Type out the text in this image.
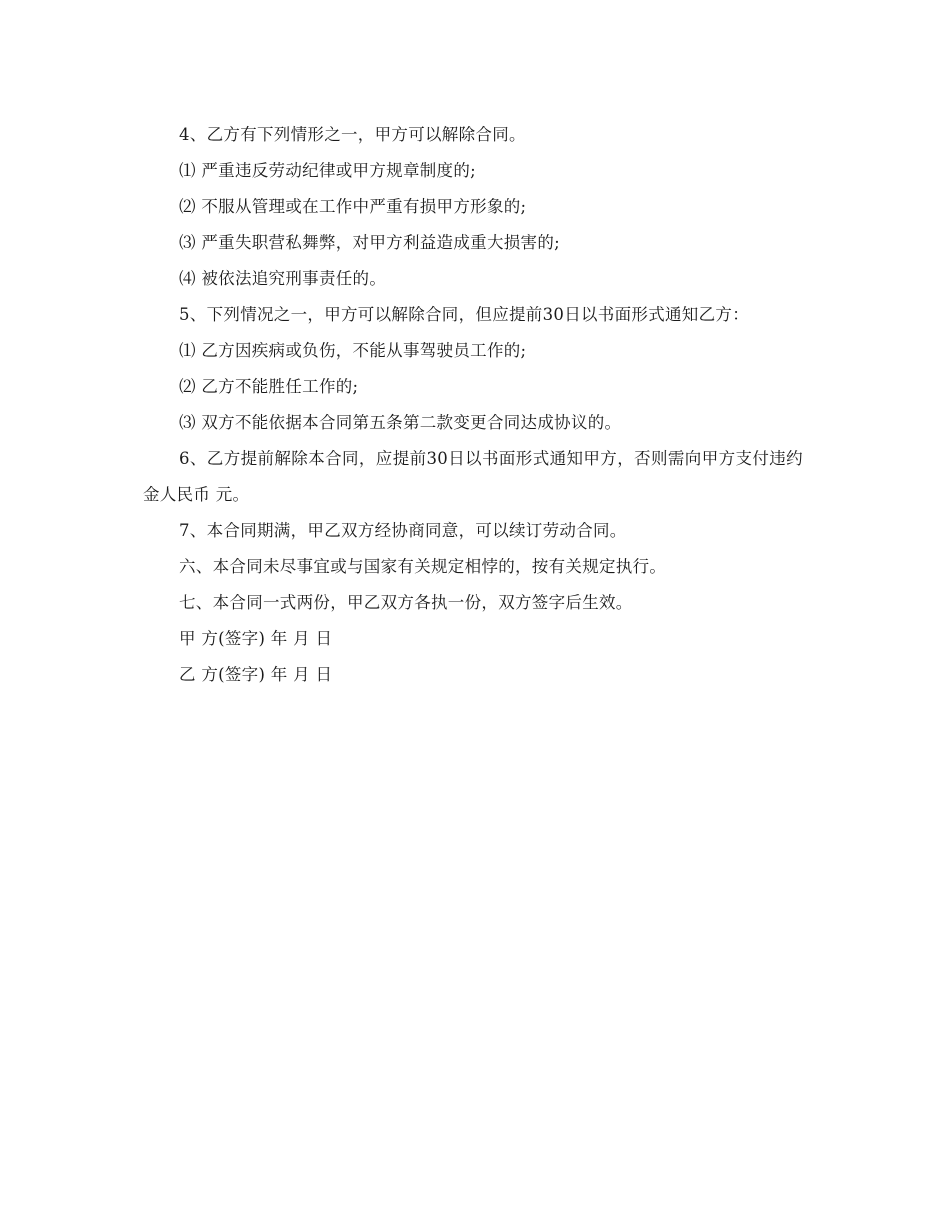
4、乙方有下列情形之一，甲方可以解除合同。

⑴ 严重违反劳动纪律或甲方规章制度的;

⑵ 不服从管理或在工作中严重有损甲方形象的;

⑶ 严重失职营私舞弊，对甲方利益造成重大损害的;

⑷ 被依法追究刑事责任的。

5、下列情况之一，甲方可以解除合同，但应提前30日以书面形式通知乙方：

⑴ 乙方因疾病或负伤，不能从事驾驶员工作的;

⑵ 乙方不能胜任工作的;

⑶ 双方不能依据本合同第五条第二款变更合同达成协议的。

6、乙方提前解除本合同，应提前30日以书面形式通知甲方，否则需向甲方支付违约金人民币 元。

7、本合同期满，甲乙双方经协商同意，可以续订劳动合同。

六、本合同未尽事宜或与国家有关规定相悖的，按有关规定执行。

七、本合同一式两份，甲乙双方各执一份，双方签字后生效。

甲 方(签字) 年 月 日

乙 方(签字) 年 月 日
